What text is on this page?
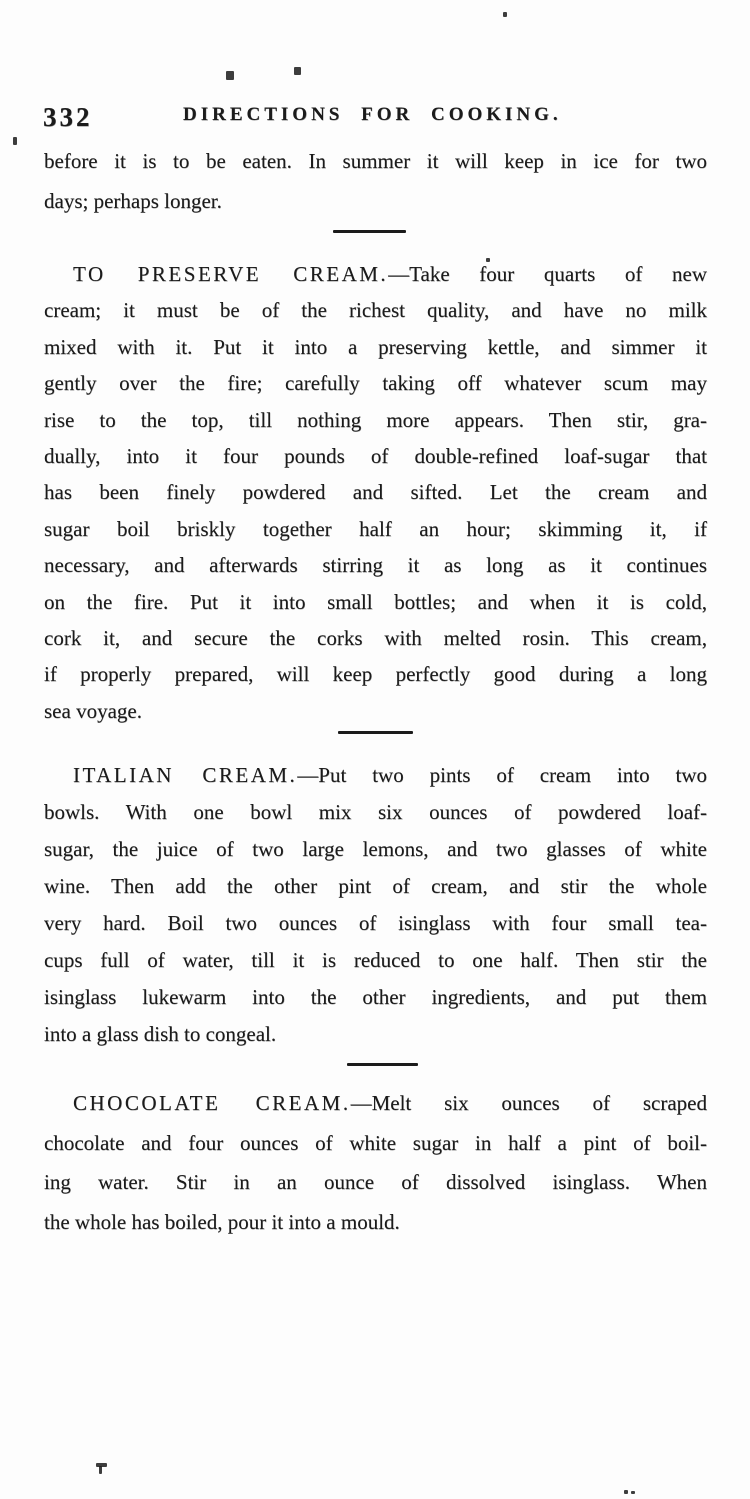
332	DIRECTIONS FOR COOKING.
before it is to be eaten. In summer it will keep in ice for two
days; perhaps longer.
TO PRESERVE CREAM.—Take four quarts of new
cream; it must be of the richest quality, and have no milk
mixed with it. Put it into a preserving kettle, and simmer it
gently over the fire; carefully taking off whatever scum may
rise to the top, till nothing more appears. Then stir, gra-
dually, into it four pounds of double-refined loaf-sugar that
has been finely powdered and sifted. Let the cream and
sugar boil briskly together half an hour; skimming it, if
necessary, and afterwards stirring it as long as it continues
on the fire. Put it into small bottles; and when it is cold,
cork it, and secure the corks with melted rosin. This cream,
if properly prepared, will keep perfectly good during a long
sea voyage.
ITALIAN CREAM.—Put two pints of cream into two
bowls. With one bowl mix six ounces of powdered loaf-
sugar, the juice of two large lemons, and two glasses of white
wine. Then add the other pint of cream, and stir the whole
very hard. Boil two ounces of isinglass with four small tea-
cups full of water, till it is reduced to one half. Then stir the
isinglass lukewarm into the other ingredients, and put them
into a glass dish to congeal.
CHOCOLATE CREAM.—Melt six ounces of scraped
chocolate and four ounces of white sugar in half a pint of boil-
ing water. Stir in an ounce of dissolved isinglass. When
the whole has boiled, pour it into a mould.
